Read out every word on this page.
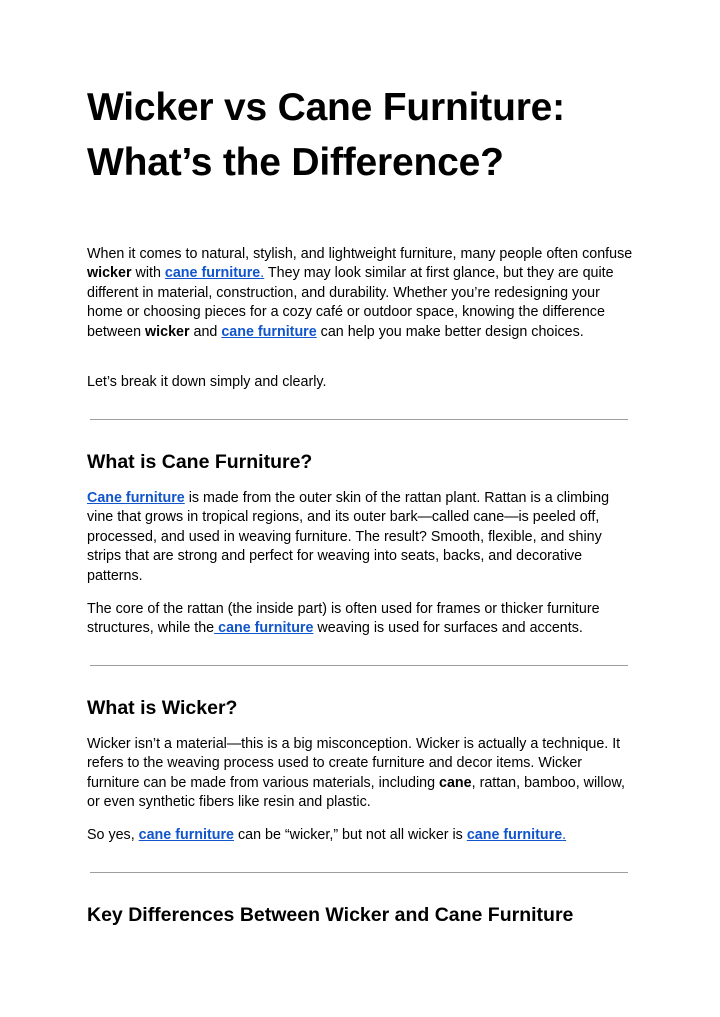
Wicker vs Cane Furniture:
What’s the Difference?

When it comes to natural, stylish, and lightweight furniture, many people often confuse wicker with cane furniture. They may look similar at first glance, but they are quite different in material, construction, and durability. Whether you’re redesigning your home or choosing pieces for a cozy café or outdoor space, knowing the difference between wicker and cane furniture can help you make better design choices.

Let’s break it down simply and clearly.

What is Cane Furniture?

Cane furniture is made from the outer skin of the rattan plant. Rattan is a climbing vine that grows in tropical regions, and its outer bark—called cane—is peeled off, processed, and used in weaving furniture. The result? Smooth, flexible, and shiny strips that are strong and perfect for weaving into seats, backs, and decorative patterns.

The core of the rattan (the inside part) is often used for frames or thicker furniture structures, while the cane furniture weaving is used for surfaces and accents.

What is Wicker?

Wicker isn’t a material—this is a big misconception. Wicker is actually a technique. It refers to the weaving process used to create furniture and decor items. Wicker furniture can be made from various materials, including cane, rattan, bamboo, willow, or even synthetic fibers like resin and plastic.

So yes, cane furniture can be “wicker,” but not all wicker is cane furniture.

Key Differences Between Wicker and Cane Furniture
